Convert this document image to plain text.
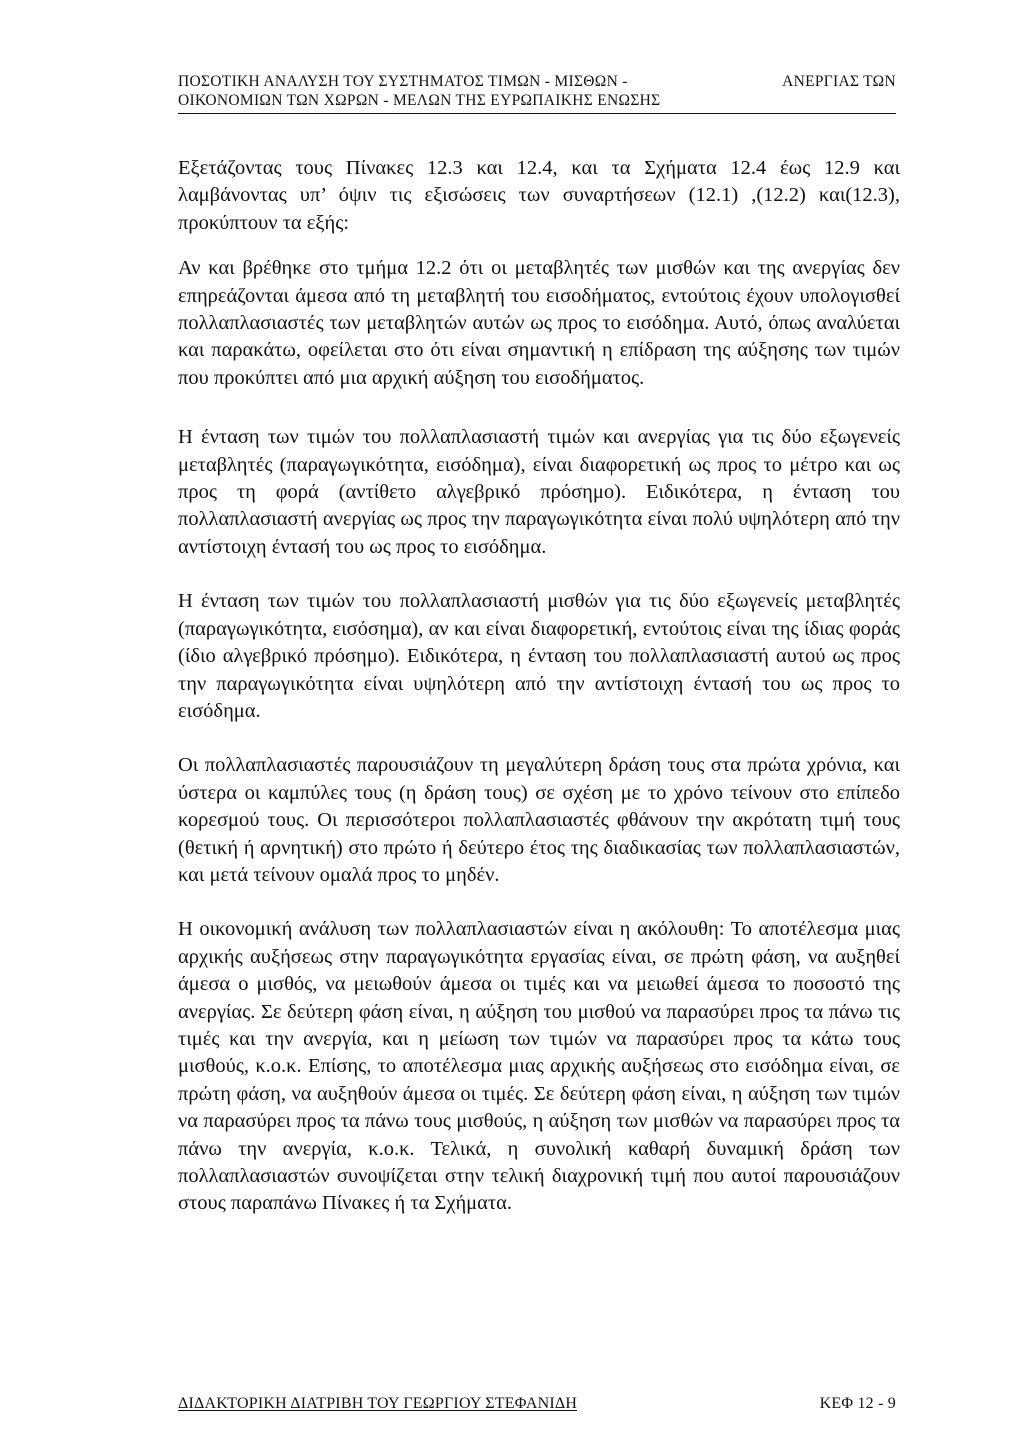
ΠΟΣΟΤΙΚΗ ΑΝΑΛΥΣΗ ΤΟΥ ΣΥΣΤΗΜΑΤΟΣ ΤΙΜΩΝ - ΜΙΣΘΩΝ -	ΑΝΕΡΓΙΑΣ ΤΩΝ
ΟΙΚΟΝΟΜΙΩΝ ΤΩΝ ΧΩΡΩΝ - ΜΕΛΩΝ ΤΗΣ ΕΥΡΩΠΑΙΚΗΣ ΕΝΩΣΗΣ

Εξετάζοντας τους Πίνακες 12.3 και 12.4, και τα Σχήματα 12.4 έως 12.9 και λαμβάνοντας υπ’ όψιν τις εξισώσεις των συναρτήσεων (12.1) ,(12.2) και(12.3), προκύπτουν τα εξής:

Αν και βρέθηκε στο τμήμα 12.2 ότι οι μεταβλητές των μισθών και της ανεργίας δεν επηρεάζονται άμεσα από τη μεταβλητή του εισοδήματος, εντούτοις έχουν υπολογισθεί πολλαπλασιαστές των μεταβλητών αυτών ως προς το εισόδημα. Αυτό, όπως αναλύεται και παρακάτω, οφείλεται στο ότι είναι σημαντική η επίδραση της αύξησης των τιμών που προκύπτει από μια αρχική αύξηση του εισοδήματος.

Η ένταση των τιμών του πολλαπλασιαστή τιμών και ανεργίας για τις δύο εξωγενείς μεταβλητές (παραγωγικότητα, εισόδημα), είναι διαφορετική ως προς το μέτρο και ως προς τη φορά (αντίθετο αλγεβρικό πρόσημο). Ειδικότερα, η ένταση του πολλαπλασιαστή ανεργίας ως προς την παραγωγικότητα είναι πολύ υψηλότερη από την αντίστοιχη έντασή του ως προς το εισόδημα.

Η ένταση των τιμών του πολλαπλασιαστή μισθών για τις δύο εξωγενείς μεταβλητές (παραγωγικότητα, εισόσημα), αν και είναι διαφορετική, εντούτοις είναι της ίδιας φοράς (ίδιο αλγεβρικό πρόσημο). Ειδικότερα, η ένταση του πολλαπλασιαστή αυτού ως προς την παραγωγικότητα είναι υψηλότερη από την αντίστοιχη έντασή του ως προς το εισόδημα.

Οι πολλαπλασιαστές παρουσιάζουν τη μεγαλύτερη δράση τους στα πρώτα χρόνια, και ύστερα οι καμπύλες τους (η δράση τους) σε σχέση με το χρόνο τείνουν στο επίπεδο κορεσμού τους. Οι περισσότεροι πολλαπλασιαστές φθάνουν την ακρότατη τιμή τους (θετική ή αρνητική) στο πρώτο ή δεύτερο έτος της διαδικασίας των πολλαπλασιαστών, και μετά τείνουν ομαλά προς το μηδέν.

Η οικονομική ανάλυση των πολλαπλασιαστών είναι η ακόλουθη: Το αποτέλεσμα μιας αρχικής αυξήσεως στην παραγωγικότητα εργασίας είναι, σε πρώτη φάση, να αυξηθεί άμεσα ο μισθός, να μειωθούν άμεσα οι τιμές και να μειωθεί άμεσα το ποσοστό της ανεργίας. Σε δεύτερη φάση είναι, η αύξηση του μισθού να παρασύρει προς τα πάνω τις τιμές και την ανεργία, και η μείωση των τιμών να παρασύρει προς τα κάτω τους μισθούς, κ.ο.κ. Επίσης, το αποτέλεσμα μιας αρχικής αυξήσεως στο εισόδημα είναι, σε πρώτη φάση, να αυξηθούν άμεσα οι τιμές. Σε δεύτερη φάση είναι, η αύξηση των τιμών να παρασύρει προς τα πάνω τους μισθούς, η αύξηση των μισθών να παρασύρει προς τα πάνω την ανεργία, κ.ο.κ. Τελικά, η συνολική καθαρή δυναμική δράση των πολλαπλασιαστών συνοψίζεται στην τελική διαχρονική τιμή που αυτοί παρουσιάζουν στους παραπάνω Πίνακες ή τα Σχήματα.

ΔΙΔΑΚΤΟΡΙΚΗ ΔΙΑΤΡΙΒΗ ΤΟΥ ΓΕΩΡΓΙΟΥ ΣΤΕΦΑΝΙΔΗ	ΚΕΦ 12 - 9
